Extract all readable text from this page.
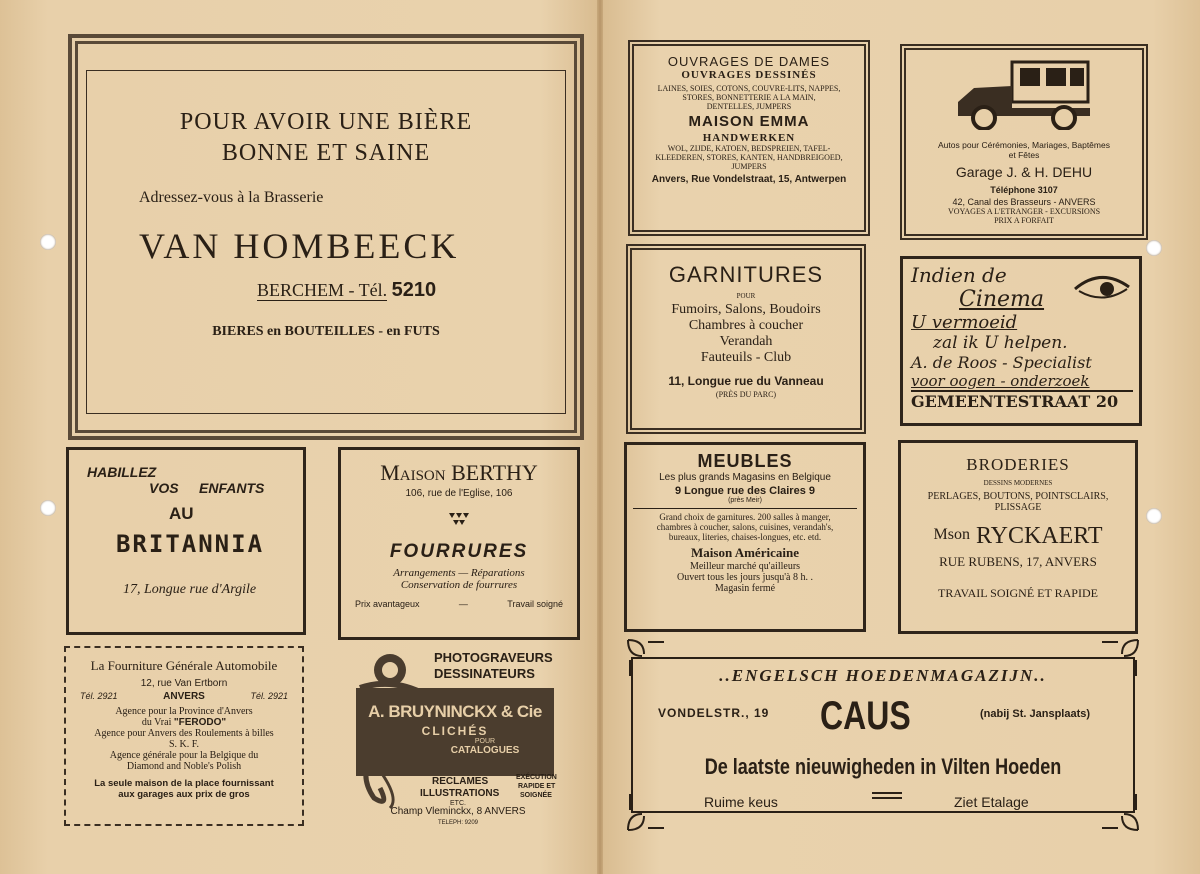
POUR AVOIR UNE BIÈRE
BONNE ET SAINE
Adressez-vous à la Brasserie
VAN HOMBEECK
BERCHEM - Tél. 5210
BIERES en BOUTEILLES - en FUTS
HABILLEZ
VOS	ENFANTS
AU
BRITANNIA
17, Longue rue d'Argile
Maison BERTHY
106, rue de l'Eglise, 106
FOURRURES
Arrangements — Réparations
Conservation de fourrures
Prix avantageux	—	Travail soigné
La Fourniture Générale Automobile
12, rue Van Ertborn
Tél. 2921	ANVERS	Tél. 2921
Agence pour la Province d'Anvers
du Vrai "FERODO"
Agence pour Anvers des Roulements à billes
S. K. F.
Agence générale pour la Belgique du
Diamond and Noble's Polish
La seule maison de la place fournissant
aux garages aux prix de gros
PHOTOGRAVEURS
DESSINATEURS
A. BRUYNINCKX & Cie
CLICHÉS
POUR
CATALOGUES
RECLAMES
ILLUSTRATIONS
ETC.
EXÉCUTION
RAPIDE ET
SOIGNÉE
Champ Vleminckx, 8 ANVERS
TELEPH: 9209
OUVRAGES DE DAMES
OUVRAGES DESSINÉS
LAINES, SOIES, COTONS, COUVRE-LITS, NAPPES,
STORES, BONNETTERIE A LA MAIN,
DENTELLES, JUMPERS
MAISON EMMA
HANDWERKEN
WOL, ZIJDE, KATOEN, BEDSPREIEN, TAFEL-
KLEEDEREN, STORES, KANTEN, HANDBREIGOED,
JUMPERS
Anvers, Rue Vondelstraat, 15, Antwerpen
Autos pour Cérémonies, Mariages, Baptêmes
et Fêtes
Garage J. & H. DEHU
Téléphone 3107
42, Canal des Brasseurs - ANVERS
VOYAGES A L'ETRANGER - EXCURSIONS
PRIX A FORFAIT
GARNITURES
POUR
Fumoirs, Salons, Boudoirs
Chambres à coucher
Verandah
Fauteuils - Club
11, Longue rue du Vanneau
(PRÈS DU PARC)
Indien de
Cinema
U vermoeid
zal ik U helpen.
A. de Roos - Specialist
voor oogen - onderzoek
GEMEENTESTRAAT 20
MEUBLES
Les plus grands Magasins en Belgique
9 Longue rue des Claires 9
(près Meir)
Grand choix de garnitures. 200 salles à manger,
chambres à coucher, salons, cuisines, verandah's,
bureaux, literies, chaises-longues, etc. etd.
Maison Américaine
Meilleur marché qu'ailleurs
Ouvert tous les jours jusqu'à 8 h. .
Magasin fermé
BRODERIES
DESSINS MODERNES
PERLAGES, BOUTONS, POINTSCLAIRS,
PLISSAGE
Mson RYCKAERT
RUE RUBENS, 17, ANVERS
TRAVAIL SOIGNÉ ET RAPIDE
..ENGELSCH HOEDENMAGAZIJN..
VONDELSTR., 19 CAUS	(nabij St. Jansplaats)
De laatste nieuwigheden in Vilten Hoeden
Ruime keus	Ziet Etalage
